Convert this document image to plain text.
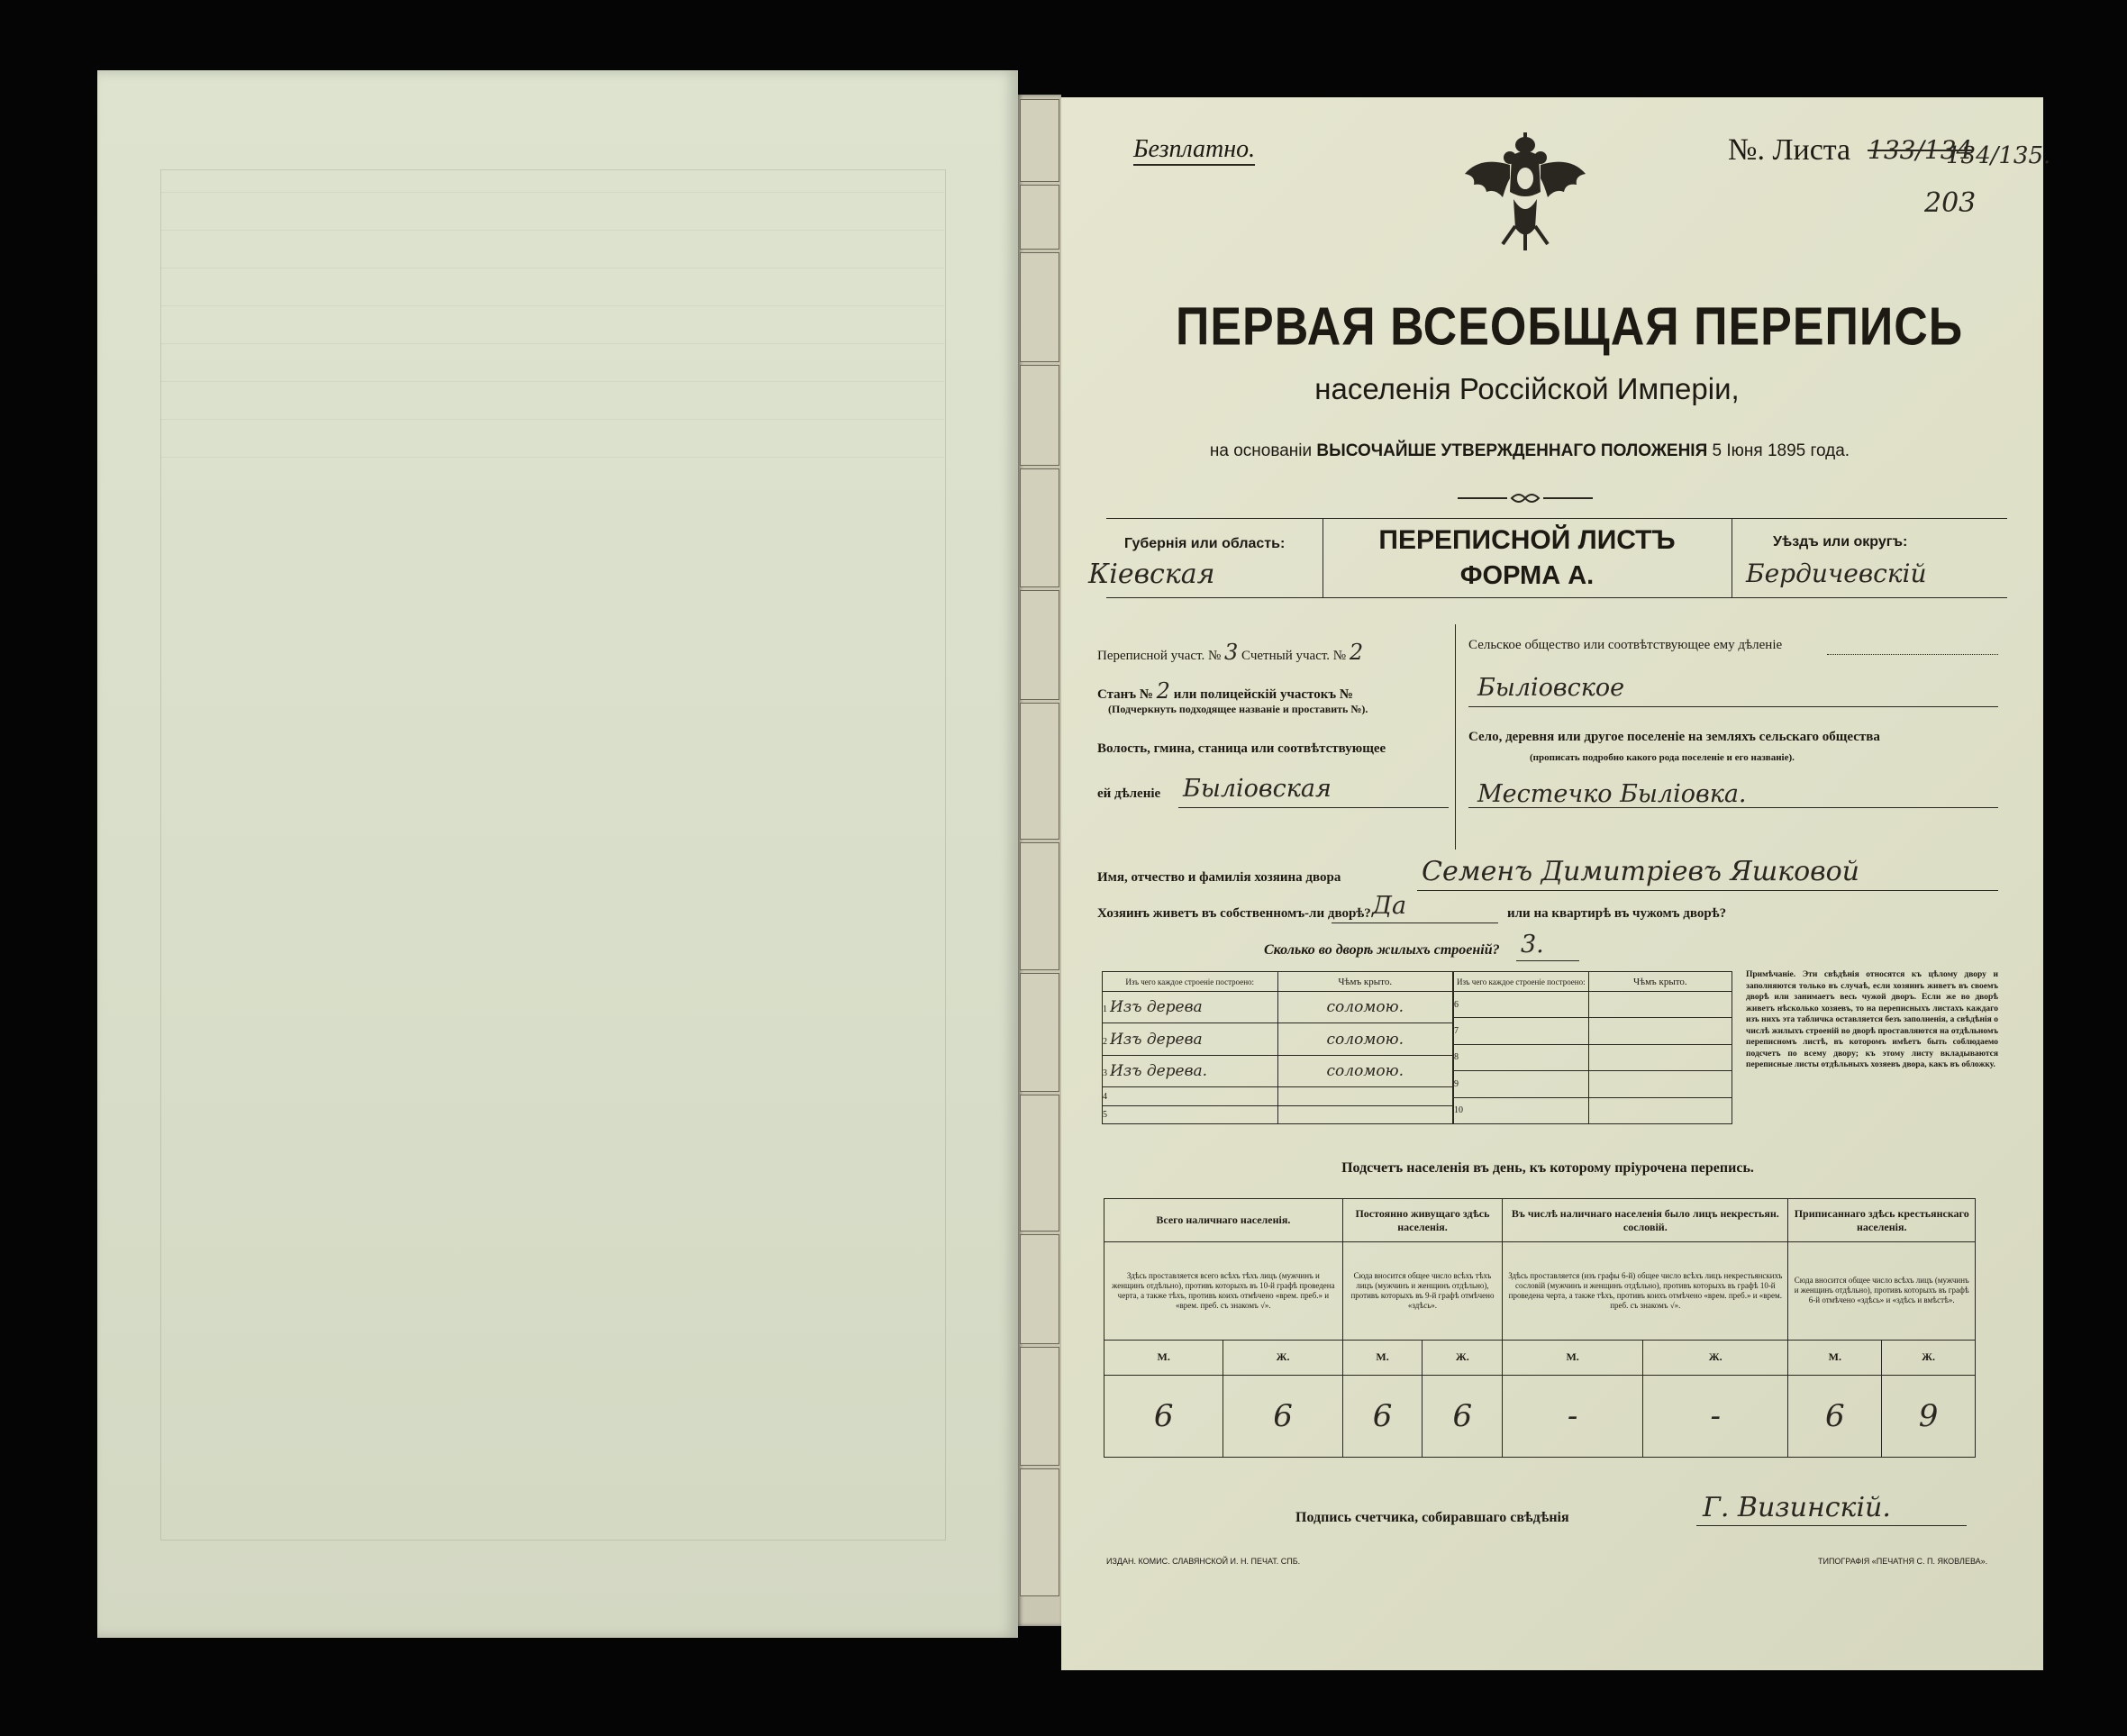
Безплатно.	№. Листа 133/134
134/135.
203
ПЕРВАЯ ВСЕОБЩАЯ ПЕРЕПИСЬ
населенія Россійской Имперіи,
на основаніи ВЫСОЧАЙШЕ УТВЕРЖДЕННАГО ПОЛОЖЕНІЯ 5 Іюня 1895 года.
Губернія или область:
Кіевская
ПЕРЕПИСНОЙ ЛИСТЪ
ФОРМА А.
Уѣздъ или округъ:
Бердичевскій
Переписной участ. № 3 Счетный участ. № 2
Станъ № 2 или полицейскій участокъ №
(Подчеркнуть подходящее названіе и проставить №).
Волость, гмина, станица или соотвѣтствующее
ей дѣленіе Быліовская
Сельское общество или соотвѣтствующее ему дѣленіе
Быліовское
Село, деревня или другое поселеніе на земляхъ сельскаго общества
(прописать подробно какого рода поселеніе и его названіе).
Местечко Быліовка.
Имя, отчество и фамилія хозяина двора	Семенъ Димитріевъ Яшковой
Хозяинъ живетъ въ собственномъ-ли дворѣ? Да	или на квартирѣ въ чужомъ дворѣ?
Сколько во дворѣ жилыхъ строеній? 3.
Изъ чего каждое строеніе построено:	Чѣмъ крыто.
1 Изъ дерева	соломою.
2 Изъ дерева	соломою.
3 Изъ дерева.	соломою.
4	
5	
Изъ чего каждое строеніе построено:	Чѣмъ крыто.
6	
7	
8	
9	
10	
Примѣчаніе. Эти свѣдѣнія относятся къ цѣлому двору и заполняются только въ случаѣ, если хозяинъ живетъ въ своемъ дворѣ или занимаетъ весь чужой дворъ. Если же во дворѣ живетъ нѣсколько хозяевъ, то на переписныхъ листахъ каждаго изъ нихъ эта табличка оставляется безъ заполненія, а свѣдѣнія о числѣ жилыхъ строеній во дворѣ проставляются на отдѣльномъ переписномъ листѣ, въ которомъ имѣетъ быть соблюдаемо подсчетъ по всему двору; къ этому листу вкладываются переписные листы отдѣльныхъ хозяевъ двора, какъ въ обложку.
Подсчетъ населенія въ день, къ которому пріурочена перепись.
Всего наличнаго населенія.		Постоянно живущаго здѣсь населенія.		Въ числѣ наличнаго населенія было лицъ некрестьян. сословій.		Приписаннаго здѣсь крестьянскаго населенія.	
Здѣсь проставляется всего всѣхъ тѣхъ лицъ (мужчинъ и женщинъ отдѣльно), противъ которыхъ въ 10-й графѣ проведена черта, а также тѣхъ, противъ коихъ отмѣчено «врем. преб.» и «врем. преб. съ знакомъ √».		Сюда вносится общее число всѣхъ тѣхъ лицъ (мужчинъ и женщинъ отдѣльно), противъ которыхъ въ 9-й графѣ отмѣчено «здѣсь».		Здѣсь проставляется (изъ графы 6-й) общее число всѣхъ лицъ некрестьянскихъ сословій (мужчинъ и женщинъ отдѣльно), противъ которыхъ въ графѣ 10-й проведена черта, а также тѣхъ, противъ коихъ отмѣчено «врем. преб.» и «врем. преб. съ знакомъ √».		Сюда вносится общее число всѣхъ лицъ (мужчинъ и женщинъ отдѣльно), противъ которыхъ въ графѣ 6-й отмѣчено «здѣсь» и «здѣсь и вмѣстѣ».	
М.	Ж.	М.	Ж.	М.	Ж.	М.	Ж.
6	6	6	6	-	-	6	9
Подпись счетчика, собиравшаго свѣдѣнія	Г. Визинскій.
ИЗДАН. КОМИС. СЛАВЯНСКОЙ И. Н. ПЕЧАТ. СПБ.	ТИПОГРАФІЯ «ПЕЧАТНЯ С. П. ЯКОВЛЕВА».
